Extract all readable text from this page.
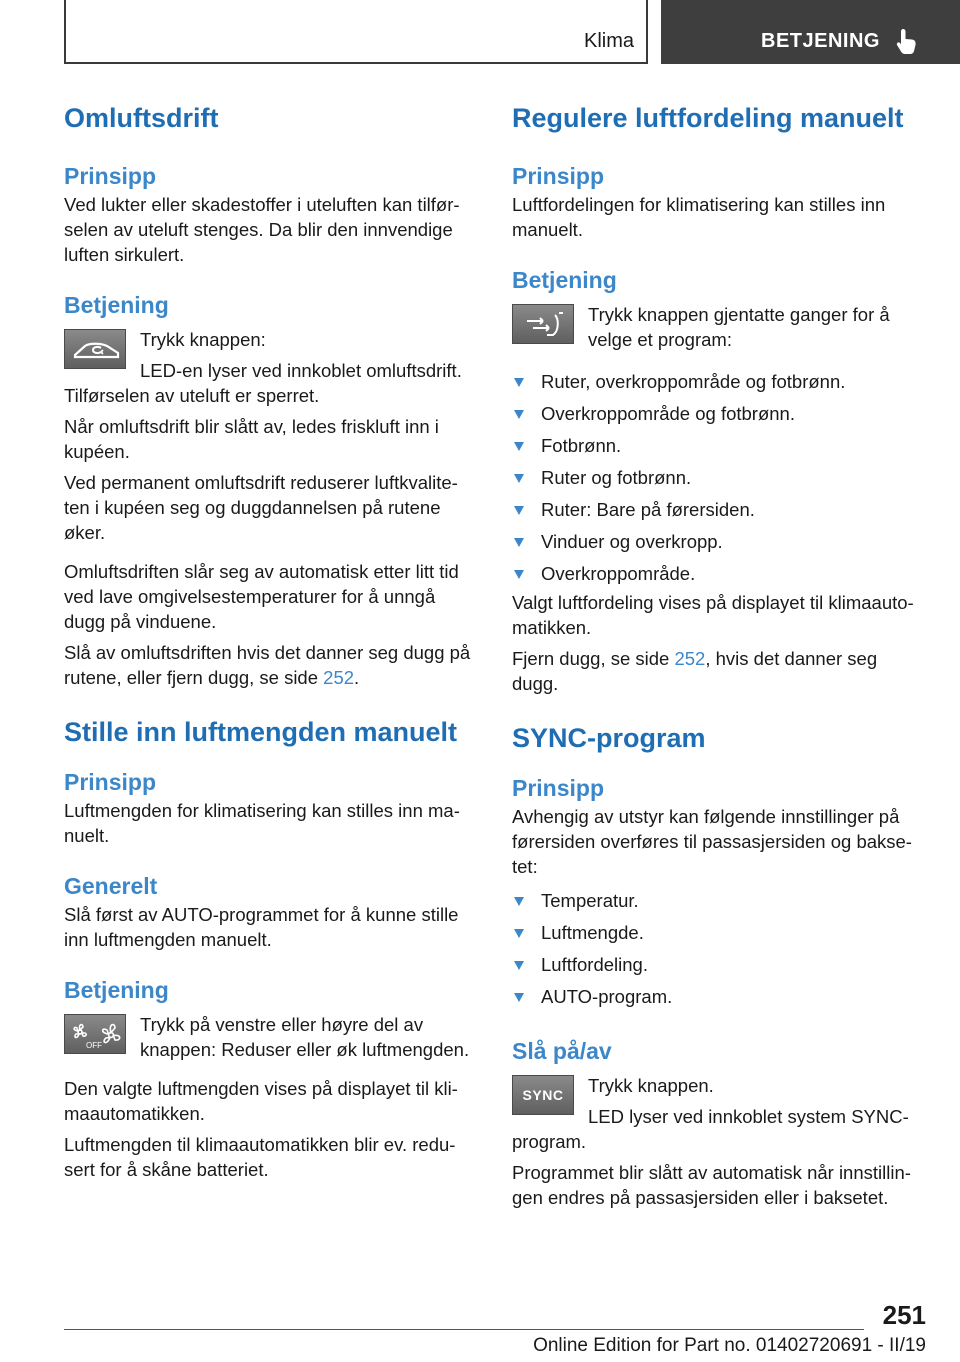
Klima	BETJENING
Omluftsdrift
Prinsipp

Ved lukter eller skadestoffer i uteluften kan tilfør-selen av uteluft stenges. Da blir den innvendige luften sirkulert.

Betjening

Trykk knappen:

LED-en lyser ved innkoblet omluftsdrift. Tilførselen av uteluft er sperret.

Når omluftsdrift blir slått av, ledes friskluft inn i kupéen.

Ved permanent omluftsdrift reduserer luftkvalite-ten i kupéen seg og duggdannelsen på rutene øker.

Omluftsdriften slår seg av automatisk etter litt tid ved lave omgivelsestemperaturer for å unngå dugg på vinduene.

Slå av omluftsdriften hvis det danner seg dugg på rutene, eller fjern dugg, se side 252.

Stille inn luftmengden manuelt
Prinsipp

Luftmengden for klimatisering kan stilles inn ma-nuelt.

Generelt

Slå først av AUTO-programmet for å kunne stille inn luftmengden manuelt.

Betjening
OFF

Trykk på venstre eller høyre del av knappen: Reduser eller øk luftmengden.

Den valgte luftmengden vises på displayet til kli-maautomatikken.

Luftmengden til klimaautomatikken blir ev. redu-sert for å skåne batteriet.

Regulere luftfordeling manuelt
Prinsipp

Luftfordelingen for klimatisering kan stilles inn manuelt.

Betjening

Trykk knappen gjentatte ganger for å velge et program:

Ruter, overkroppområde og fotbrønn.
Overkroppområde og fotbrønn.
Fotbrønn.
Ruter og fotbrønn.
Ruter: Bare på førersiden.
Vinduer og overkropp.
Overkroppområde.

Valgt luftfordeling vises på displayet til klimaauto-matikken.

Fjern dugg, se side 252, hvis det danner seg dugg.

SYNC-program
Prinsipp

Avhengig av utstyr kan følgende innstillinger på førersiden overføres til passasjersiden og bakse-tet:

Temperatur.
Luftmengde.
Luftfordeling.
AUTO-program.
Slå på/av
SYNC	Trykk knappen.

LED lyser ved innkoblet system SYNC-program.

Programmet blir slått av automatisk når innstillin-gen endres på passasjersiden eller i baksetet.

251
Online Edition for Part no. 01402720691 - II/19
